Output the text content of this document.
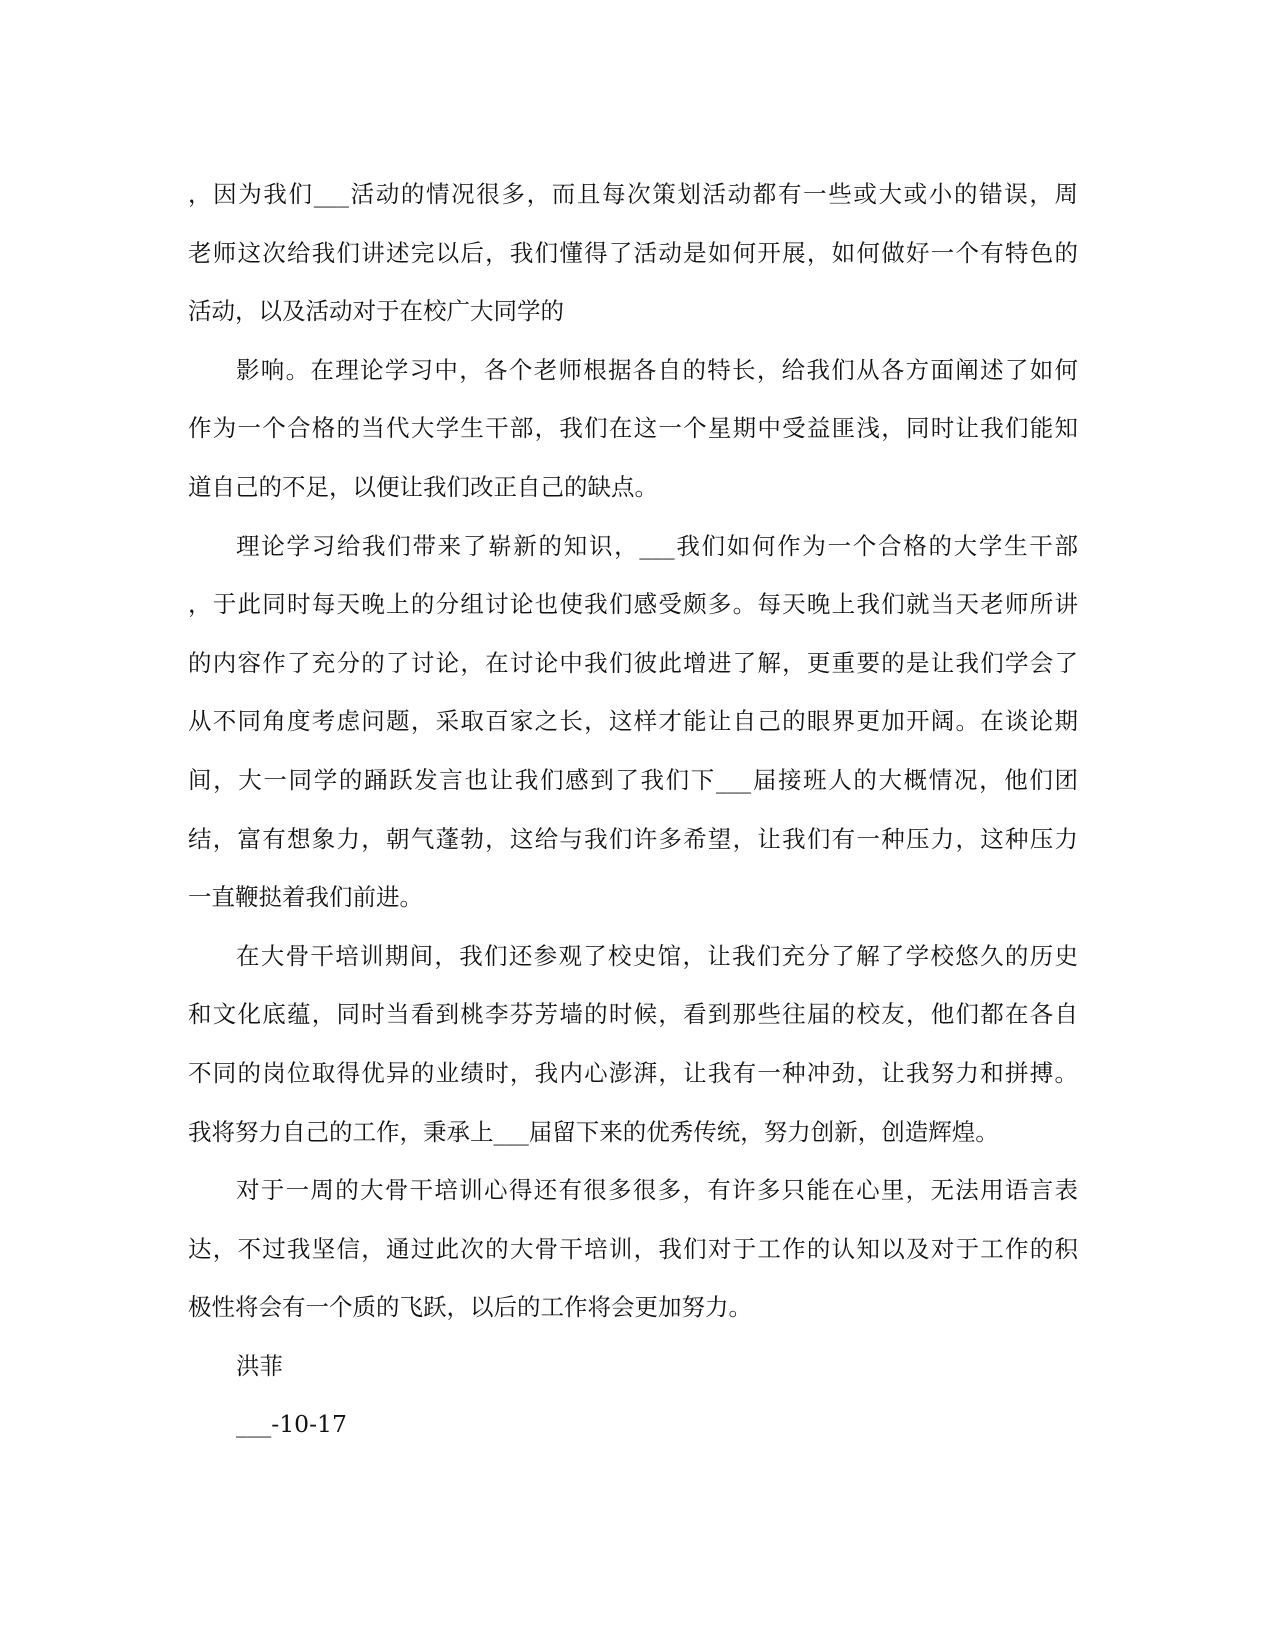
，因为我们___活动的情况很多，而且每次策划活动都有一些或大或小的错误，周
老师这次给我们讲述完以后，我们懂得了活动是如何开展，如何做好一个有特色的
活动，以及活动对于在校广大同学的
影响。在理论学习中，各个老师根据各自的特长，给我们从各方面阐述了如何
作为一个合格的当代大学生干部，我们在这一个星期中受益匪浅，同时让我们能知
道自己的不足，以便让我们改正自己的缺点。
理论学习给我们带来了崭新的知识，___我们如何作为一个合格的大学生干部
，于此同时每天晚上的分组讨论也使我们感受颇多。每天晚上我们就当天老师所讲
的内容作了充分的了讨论，在讨论中我们彼此增进了解，更重要的是让我们学会了
从不同角度考虑问题，采取百家之长，这样才能让自己的眼界更加开阔。在谈论期
间，大一同学的踊跃发言也让我们感到了我们下___届接班人的大概情况，他们团
结，富有想象力，朝气蓬勃，这给与我们许多希望，让我们有一种压力，这种压力
一直鞭挞着我们前进。
在大骨干培训期间，我们还参观了校史馆，让我们充分了解了学校悠久的历史
和文化底蕴，同时当看到桃李芬芳墙的时候，看到那些往届的校友，他们都在各自
不同的岗位取得优异的业绩时，我内心澎湃，让我有一种冲劲，让我努力和拼搏。
我将努力自己的工作，秉承上___届留下来的优秀传统，努力创新，创造辉煌。
对于一周的大骨干培训心得还有很多很多，有许多只能在心里，无法用语言表
达，不过我坚信，通过此次的大骨干培训，我们对于工作的认知以及对于工作的积
极性将会有一个质的飞跃，以后的工作将会更加努力。
洪菲
___-10-17
